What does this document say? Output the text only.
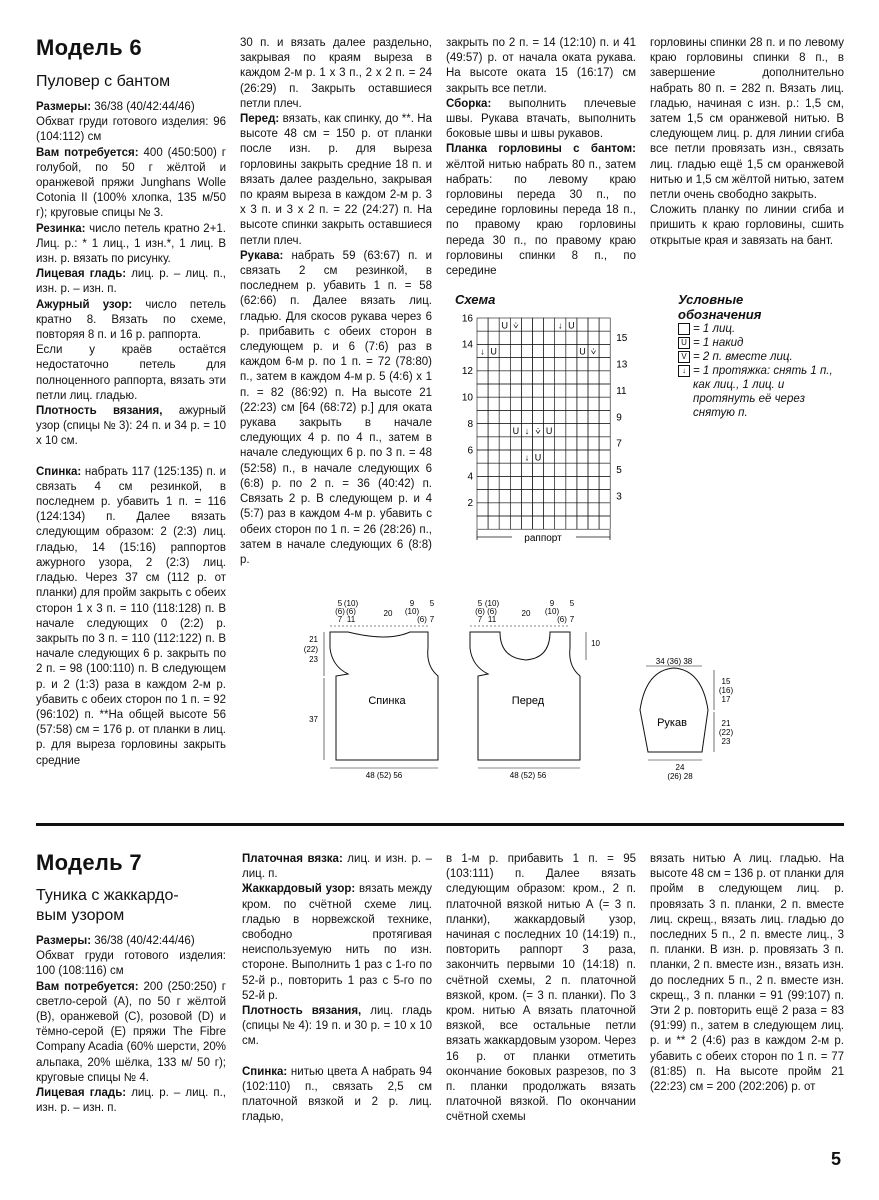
Модель 6
Пуловер с бантом

Размеры: 36/38 (40/42:44/46)

Обхват груди готового изделия: 96 (104:112) см

Вам потребуется: 400 (450:500) г голубой, по 50 г жёлтой и оранжевой пряжи Junghans Wolle Cotonia II (100% хлопка, 135 м/50 г); круговые спицы № 3.

Резинка: число петель кратно 2+1. Лиц. р.: * 1 лиц., 1 изн.*, 1 лиц. В изн. р. вязать по рисунку.

Лицевая гладь: лиц. р. – лиц. п., изн. р. – изн. п.

Ажурный узор: число петель кратно 8. Вязать по схеме, повторяя 8 п. и 16 р. раппорта.

Если у краёв остаётся недостаточно петель для полноценного раппорта, вязать эти петли лиц. гладью.

Плотность вязания, ажурный узор (спицы № 3): 24 п. и 34 р. = 10 x 10 см.

Спинка: набрать 117 (125:135) п. и связать 4 см резинкой, в последнем р. убавить 1 п. = 116 (124:134) п. Далее вязать следующим образом: 2 (2:3) лиц. гладью, 14 (15:16) раппортов ажурного узора, 2 (2:3) лиц. гладью. Через 37 см (112 р. от планки) для пройм закрыть с обеих сторон 1 x 3 п. = 110 (118:128) п. В начале следующих 0 (2:2) р. закрыть по 3 п. = 110 (112:122) п. В начале следующих 6 р. закрыть по 2 п. = 98 (100:110) п. В следующем р. и 2 (1:3) раза в каждом 2-м р. убавить с обеих сторон по 1 п. = 92 (96:102) п. **На общей высоте 56 (57:58) см = 176 р. от планки в лиц. р. для выреза горловины закрыть средние

30 п. и вязать далее раздельно, закрывая по краям выреза в каждом 2-м р. 1 x 3 п., 2 x 2 п. = 24 (26:29) п. Закрыть оставшиеся петли плеч.

Перед: вязать, как спинку, до **. На высоте 48 см = 150 р. от планки после изн. р. для выреза горловины закрыть средние 18 п. и вязать далее раздельно, закрывая по краям выреза в каждом 2-м р. 3 x 3 п. и 3 x 2 п. = 22 (24:27) п. На высоте спинки закрыть оставшиеся петли плеч.

Рукава: набрать 59 (63:67) п. и связать 2 см резинкой, в последнем р. убавить 1 п. = 58 (62:66) п. Далее вязать лиц. гладью. Для скосов рукава через 6 р. прибавить с обеих сторон в следующем р. и 6 (7:6) раз в каждом 6-м р. по 1 п. = 72 (78:80) п., затем в каждом 4-м р. 5 (4:6) x 1 п. = 82 (86:92) п. На высоте 21 (22:23) см [64 (68:72) р.] для оката рукава закрыть в начале следующих 4 р. по 4 п., затем в начале следующих 6 р. по 3 п. = 48 (52:58) п., в начале следующих 6 (6:8) р. по 2 п. = 36 (40:42) п. Связать 2 р. В следующем р. и 4 (5:7) раз в каждом 4-м р. убавить с обеих сторон по 1 п. = 26 (28:26) п., затем в начале следующих 6 (8:8) р.

закрыть по 2 п. = 14 (12:10) п. и 41 (49:57) р. от начала оката рукава. На высоте оката 15 (16:17) см закрыть все петли.

Сборка: выполнить плечевые швы. Рукава втачать, выполнить боковые швы и швы рукавов.

Планка горловины с бантом: жёлтой нитью набрать 80 п., затем набрать: по левому краю горловины переда 30 п., по середине горловины переда 18 п., по правому краю горловины переда 30 п., по правому краю горловины спинки 8 п., по середине

горловины спинки 28 п. и по левому краю горловины спинки 8 п., в завершение дополнительно набрать 80 п. = 282 п. Вязать лиц. гладью, начиная с изн. р.: 1,5 см, затем 1,5 см оранжевой нитью. В следующем лиц. р. для линии сгиба все петли провязать изн., связать лиц. гладью ещё 1,5 см оранжевой нитью и 1,5 см жёлтой нитью, затем петли очень свободно закрыть.

Сложить планку по линии сгиба и пришить к краю горловины, сшить открытые края и завязать на бант.

Схема
16
14
12
10
8
6
4
2
15
13
11
9
7
5
3
U ⩒	↓ U
↓ U	U ⩒
U ↓ ⩒ U
↓ U
раппорт
Условные
обозначения
= 1 лиц.
U = 1 накид
V = 2 п. вместе лиц.
↓ = 1 протяжка: снять 1 п., как лиц., 1 лиц. и протянуть её через снятую п.
Спинка	Перед
Рукав
5
(6)
7
(10)
(6)
11
20
9
(10)
(6)
5
7
5
(6)
7
(10)
(6)
11
20
9
(10)
(6)
5
7
21
(22)
23
37
10
48 (52) 56	48 (52) 56
34 (36) 38
15
(16)
17
21
(22)
23
24
(26) 28
Модель 7
Туника с жаккардо-
вым узором

Размеры: 36/38 (40/42:44/46)

Обхват груди готового изделия: 100 (108:116) см

Вам потребуется: 200 (250:250) г светло-серой (А), по 50 г жёлтой (В), оранжевой (С), розовой (D) и тёмно-серой (Е) пряжи The Fibre Company Acadia (60% шерсти, 20% альпака, 20% шёлка, 133 м/ 50 г); круговые спицы № 4.

Лицевая гладь: лиц. р. – лиц. п., изн. р. – изн. п.

Платочная вязка: лиц. и изн. р. – лиц. п.

Жаккардовый узор: вязать между кром. по счётной схеме лиц. гладью в норвежской технике, свободно протягивая неиспользуемую нить по изн. стороне. Выполнить 1 раз с 1-го по 52-й р., повторить 1 раз с 5-го по 52-й р.

Плотность вязания, лиц. гладь (спицы № 4): 19 п. и 30 р. = 10 x 10 см.

Спинка: нитью цвета А набрать 94 (102:110) п., связать 2,5 см платочной вязкой и 2 р. лиц. гладью,

в 1-м р. прибавить 1 п. = 95 (103:111) п. Далее вязать следующим образом: кром., 2 п. платочной вязкой нитью А (= 3 п. планки), жаккардовый узор, начиная с последних 10 (14:19) п., повторить раппорт 3 раза, закончить первыми 10 (14:18) п. счётной схемы, 2 п. платочной вязкой, кром. (= 3 п. планки). По 3 кром. нитью А вязать платочной вязкой, все остальные петли вязать жаккардовым узором. Через 16 р. от планки отметить окончание боковых разрезов, по 3 п. планки продолжать вязать платочной вязкой. По окончании счётной схемы

вязать нитью А лиц. гладью. На высоте 48 см = 136 р. от планки для пройм в следующем лиц. р. провязать 3 п. планки, 2 п. вместе лиц. скрещ., вязать лиц. гладью до последних 5 п., 2 п. вместе лиц., 3 п. планки. В изн. р. провязать 3 п. планки, 2 п. вместе изн., вязать изн. до последних 5 п., 2 п. вместе изн. скрещ., 3 п. планки = 91 (99:107) п. Эти 2 р. повторить ещё 2 раза = 83 (91:99) п., затем в следующем лиц. р. и ** 2 (4:6) раз в каждом 2-м р. убавить с обеих сторон по 1 п. = 77 (81:85) п. На высоте пройм 21 (22:23) см = 200 (202:206) р. от

5
